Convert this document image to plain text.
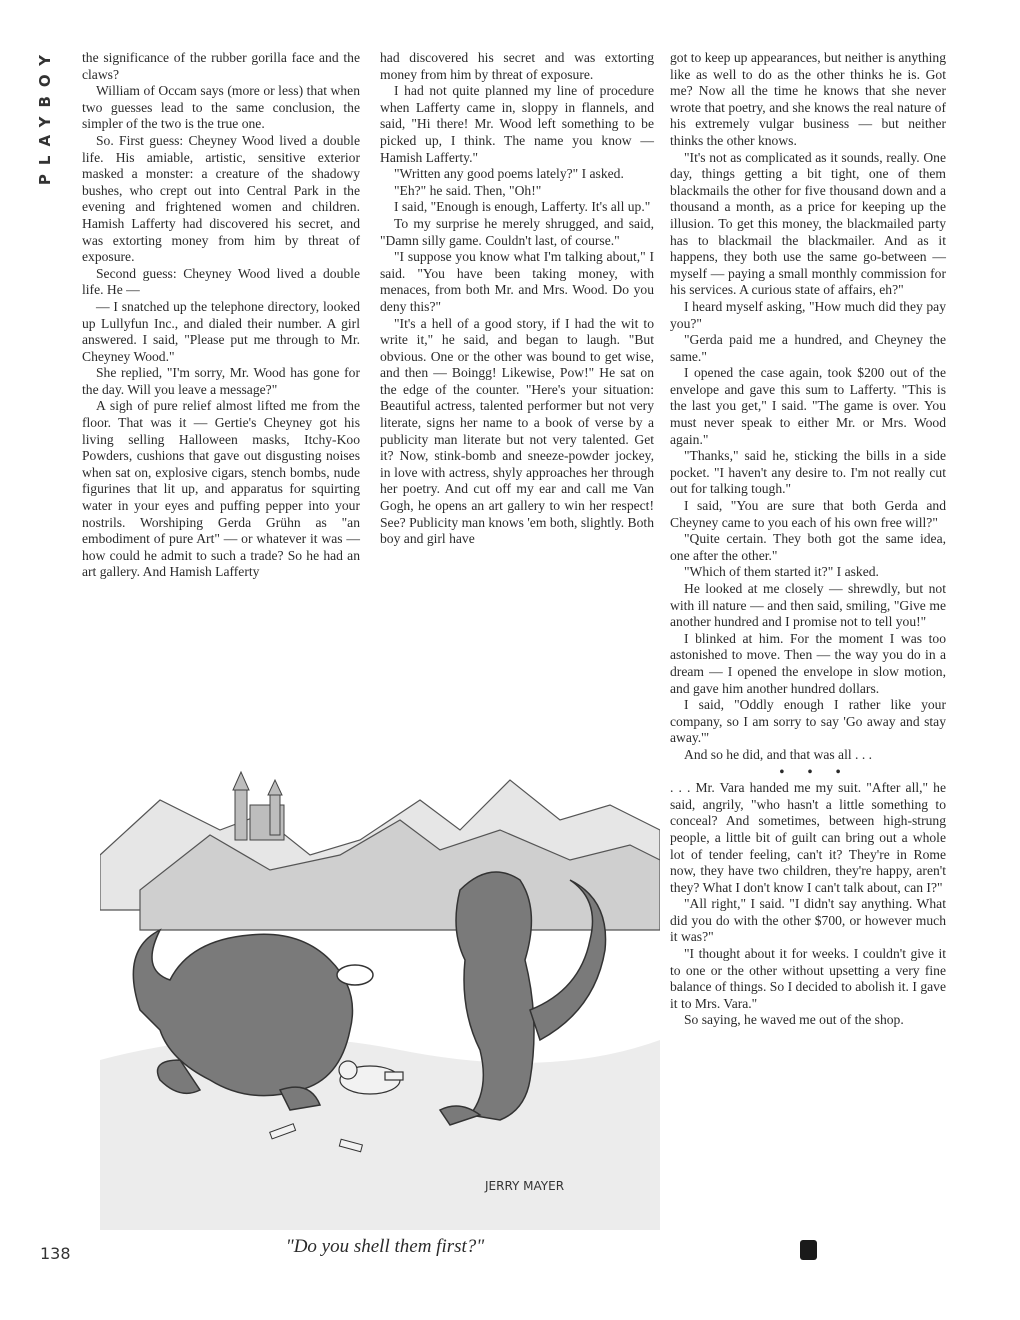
PLAYBOY the significance of the rubber gorilla face and the claws?

William of Occam says (more or less) that when two guesses lead to the same conclusion, the simpler of the two is the true one.

So. First guess: Cheyney Wood lived a double life. His amiable, artistic, sensitive exterior masked a monster: a creature of the shadowy bushes, who crept out into Central Park in the evening and frightened women and children. Hamish Lafferty had discovered his secret, and was extorting money from him by threat of exposure.

Second guess: Cheyney Wood lived a double life. He —

— I snatched up the telephone directory, looked up Lullyfun Inc., and dialed their number. A girl answered. I said, "Please put me through to Mr. Cheyney Wood."

She replied, "I'm sorry, Mr. Wood has gone for the day. Will you leave a message?"

A sigh of pure relief almost lifted me from the floor. That was it — Gertie's Cheyney got his living selling Halloween masks, Itchy-Koo Powders, cushions that gave out disgusting noises when sat on, explosive cigars, stench bombs, nude figurines that lit up, and apparatus for squirting water in your eyes and puffing pepper into your nostrils. Worshiping Gerda Grühn as "an embodiment of pure Art" — or whatever it was — how could he admit to such a trade? So he had an art gallery. And Hamish Lafferty

had discovered his secret and was extorting money from him by threat of exposure.

I had not quite planned my line of procedure when Lafferty came in, sloppy in flannels, and said, "Hi there! Mr. Wood left something to be picked up, I think. The name you know — Hamish Lafferty."

"Written any good poems lately?" I asked.

"Eh?" he said. Then, "Oh!"

I said, "Enough is enough, Lafferty. It's all up."

To my surprise he merely shrugged, and said, "Damn silly game. Couldn't last, of course."

"I suppose you know what I'm talking about," I said. "You have been taking money, with menaces, from both Mr. and Mrs. Wood. Do you deny this?"

"It's a hell of a good story, if I had the wit to write it," he said, and began to laugh. "But obvious. One or the other was bound to get wise, and then — Boingg! Likewise, Pow!" He sat on the edge of the counter. "Here's your situation: Beautiful actress, talented performer but not very literate, signs her name to a book of verse by a publicity man literate but not very talented. Get it? Now, stink-bomb and sneeze-powder jockey, in love with actress, shyly approaches her through her poetry. And cut off my ear and call me Van Gogh, he opens an art gallery to win her respect! See? Publicity man knows 'em both, slightly. Both boy and girl have

got to keep up appearances, but neither is anything like as well to do as the other thinks he is. Got me? Now all the time he knows that she never wrote that poetry, and she knows the real nature of his extremely vulgar business — but neither thinks the other knows.

"It's not as complicated as it sounds, really. One day, things getting a bit tight, one of them blackmails the other for five thousand down and a thousand a month, as a price for keeping up the illusion. To get this money, the blackmailed party has to blackmail the blackmailer. And as it happens, they both use the same go-between — myself — paying a small monthly commission for his services. A curious state of affairs, eh?"

I heard myself asking, "How much did they pay you?"

"Gerda paid me a hundred, and Cheyney the same."

I opened the case again, took $200 out of the envelope and gave this sum to Lafferty. "This is the last you get," I said. "The game is over. You must never speak to either Mr. or Mrs. Wood again."

"Thanks," said he, sticking the bills in a side pocket. "I haven't any desire to. I'm not really cut out for talking tough."

I said, "You are sure that both Gerda and Cheyney came to you each of his own free will?"

"Quite certain. They both got the same idea, one after the other."

"Which of them started it?" I asked.

He looked at me closely — shrewdly, but not with ill nature — and then said, smiling, "Give me another hundred and I promise not to tell you!"

I blinked at him. For the moment I was too astonished to move. Then — the way you do in a dream — I opened the envelope in slow motion, and gave him another hundred dollars.

I said, "Oddly enough I rather like your company, so I am sorry to say 'Go away and stay away.'"

And so he did, and that was all . . .

• • •

. . . Mr. Vara handed me my suit. "After all," he said, angrily, "who hasn't a little something to conceal? And sometimes, between high-strung people, a little bit of guilt can bring out a whole lot of tender feeling, can't it? They're in Rome now, they have two children, they're happy, aren't they? What I don't know I can't talk about, can I?"

"All right," I said. "I didn't say anything. What did you do with the other $700, or however much it was?"

"I thought about it for weeks. I couldn't give it to one or the other without upsetting a very fine balance of things. So I decided to abolish it. I gave it to Mrs. Vara."

So saying, he waved me out of the shop.

JERRY MAYER
"Do you shell them first?"
138
